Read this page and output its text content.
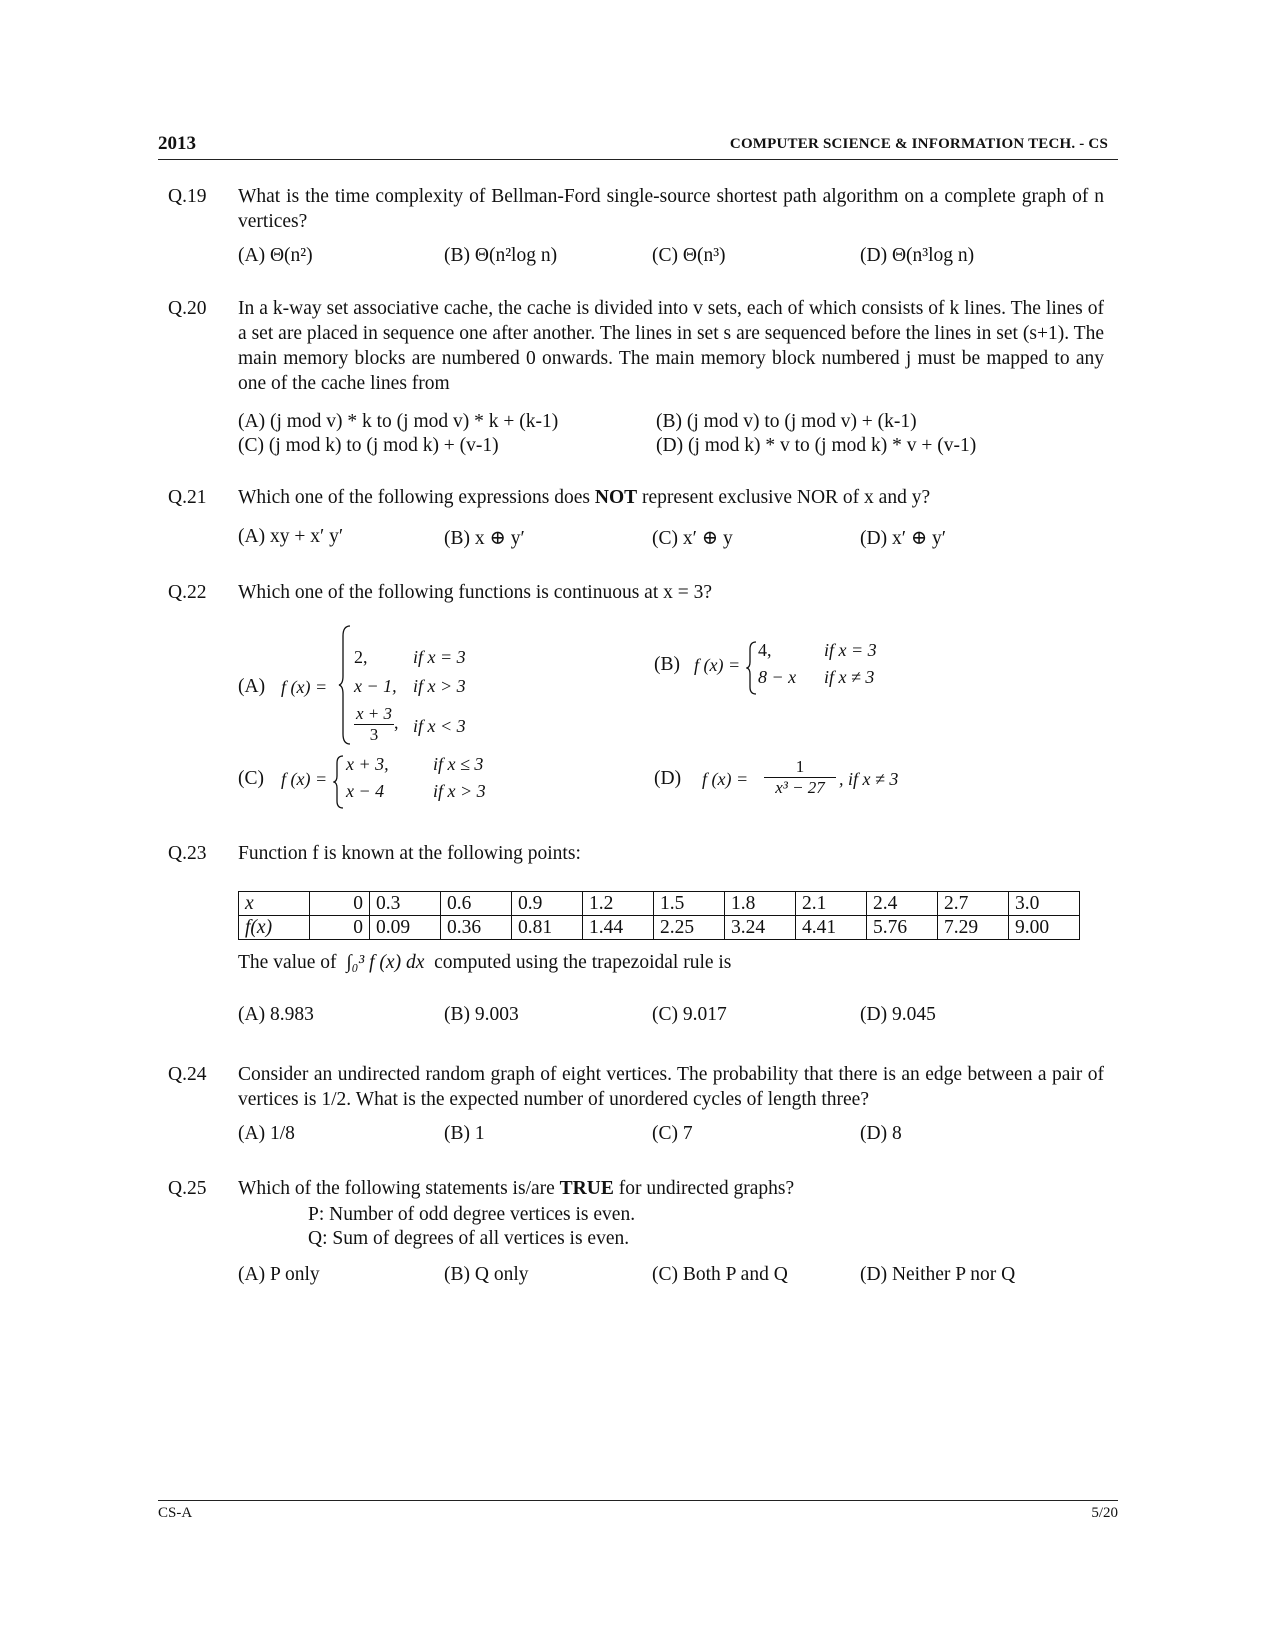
2013	COMPUTER SCIENCE & INFORMATION TECH. - CS
Q.19	What is the time complexity of Bellman-Ford single-source shortest path algorithm on a complete graph of n vertices?
(A) Θ(n²)	(B) Θ(n²log n)	(C) Θ(n³)	(D) Θ(n³log n)
Q.20	In a k-way set associative cache, the cache is divided into v sets, each of which consists of k lines. The lines of a set are placed in sequence one after another. The lines in set s are sequenced before the lines in set (s+1). The main memory blocks are numbered 0 onwards. The main memory block numbered j must be mapped to any one of the cache lines from
(A) (j mod v) * k to (j mod v) * k + (k-1)	(B) (j mod v) to (j mod v) + (k-1)
(C) (j mod k) to (j mod k) + (v-1)	(D) (j mod k) * v to (j mod k) * v + (v-1)
Q.21	Which one of the following expressions does NOT represent exclusive NOR of x and y?
(A) xy + x′ y′	(B) x ⊕ y′	(C) x′ ⊕ y	(D) x′ ⊕ y′
Q.22	Which one of the following functions is continuous at x = 3?
(A) f (x) =
2,	if x = 3
x − 1, if x > 3
$\frac{x + 3}{3}$ , if x < 3
(B) f (x) =
4,	if x = 3
8 − x if x ≠ 3
(C) f (x) =
x + 3, if x ≤ 3
x − 4	if x > 3
(D) f $(x) = \frac{1}{\text{x³ − 27}}$ , if x ≠ 3
Q.23	Function f is known at the following points:
x	0	0.3	0.6	0.9	1.2	1.5	1.8	2.1	2.4	2.7	3.0
f(x)	0	0.09	0.36	0.81	1.44	2.25	3.24	4.41	5.76	7.29	9.00
The value of ∫₀³ f (x) dx computed using the trapezoidal rule is
(A) 8.983	(B) 9.003	(C) 9.017	(D) 9.045
Q.24	Consider an undirected random graph of eight vertices. The probability that there is an edge between a pair of vertices is 1/2. What is the expected number of unordered cycles of length three?
(A) 1/8	(B) 1	(C) 7	(D) 8
Q.25	Which of the following statements is/are TRUE for undirected graphs?
P: Number of odd degree vertices is even.
Q: Sum of degrees of all vertices is even.
(A) P only	(B) Q only	(C) Both P and Q	(D) Neither P nor Q
CS-A	5/20
